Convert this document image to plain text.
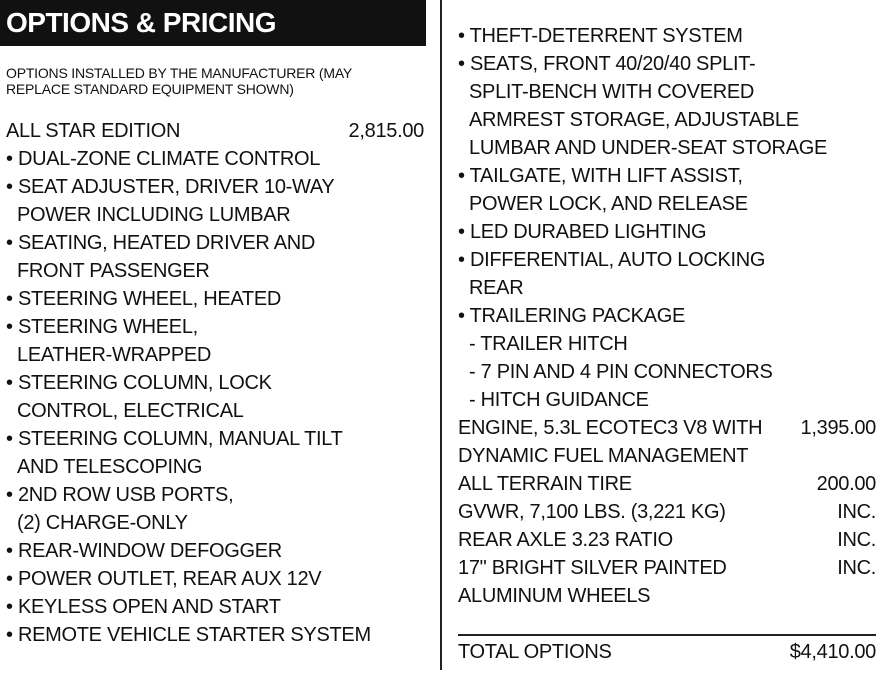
OPTIONS & PRICING
OPTIONS INSTALLED BY THE MANUFACTURER (MAY REPLACE STANDARD EQUIPMENT SHOWN)
ALL STAR EDITION	2,815.00
• DUAL-ZONE CLIMATE CONTROL
• SEAT ADJUSTER, DRIVER 10-WAY
POWER INCLUDING LUMBAR
• SEATING, HEATED DRIVER AND
FRONT PASSENGER
• STEERING WHEEL, HEATED
• STEERING WHEEL,
LEATHER-WRAPPED
• STEERING COLUMN, LOCK
CONTROL, ELECTRICAL
• STEERING COLUMN, MANUAL TILT
AND TELESCOPING
• 2ND ROW USB PORTS,
(2) CHARGE-ONLY
• REAR-WINDOW DEFOGGER
• POWER OUTLET, REAR AUX 12V
• KEYLESS OPEN AND START
• REMOTE VEHICLE STARTER SYSTEM
• THEFT-DETERRENT SYSTEM
• SEATS, FRONT 40/20/40 SPLIT-
SPLIT-BENCH WITH COVERED
ARMREST STORAGE, ADJUSTABLE
LUMBAR AND UNDER-SEAT STORAGE
• TAILGATE, WITH LIFT ASSIST,
POWER LOCK, AND RELEASE
• LED DURABED LIGHTING
• DIFFERENTIAL, AUTO LOCKING
REAR
• TRAILERING PACKAGE
- TRAILER HITCH
- 7 PIN AND 4 PIN CONNECTORS
- HITCH GUIDANCE
ENGINE, 5.3L ECOTEC3 V8 WITH	1,395.00
DYNAMIC FUEL MANAGEMENT
ALL TERRAIN TIRE	200.00
GVWR, 7,100 LBS. (3,221 KG)	INC.
REAR AXLE 3.23 RATIO	INC.
17" BRIGHT SILVER PAINTED	INC.
ALUMINUM WHEELS
TOTAL OPTIONS	$4,410.00
